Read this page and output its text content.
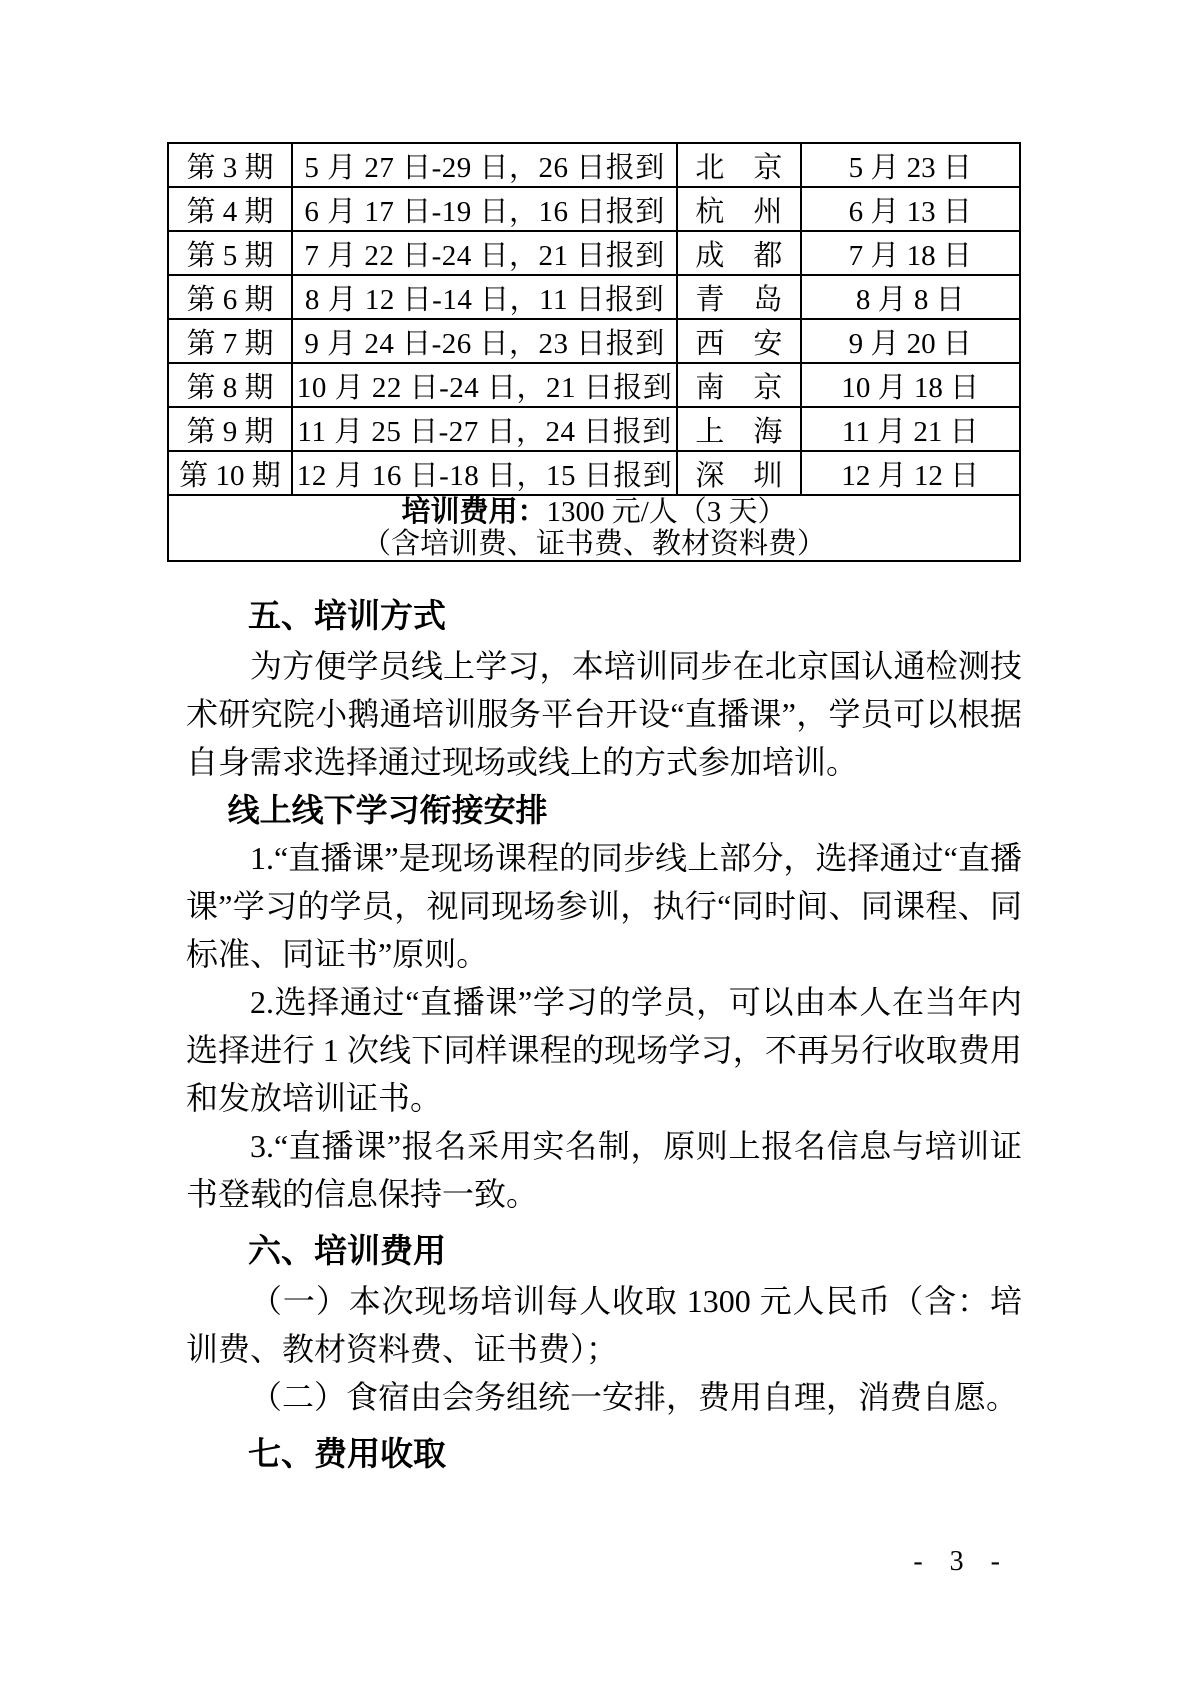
第 3 期	5 月 27 日-29 日，26 日报到	北　京	5 月 23 日
第 4 期	6 月 17 日-19 日，16 日报到	杭　州	6 月 13 日
第 5 期	7 月 22 日-24 日，21 日报到	成　都	7 月 18 日
第 6 期	8 月 12 日-14 日，11 日报到	青　岛	8 月 8 日
第 7 期	9 月 24 日-26 日，23 日报到	西　安	9 月 20 日
第 8 期	10 月 22 日-24 日，21 日报到	南　京	10 月 18 日
第 9 期	11 月 25 日-27 日，24 日报到	上　海	11 月 21 日
第 10 期	12 月 16 日-18 日，15 日报到	深　圳	12 月 12 日

培训费用：1300 元/人（3 天）
（含培训费、证书费、教材资料费）			
五、培训方式

为方便学员线上学习，本培训同步在北京国认通检测技术研究院小鹅通培训服务平台开设“直播课”，学员可以根据自身需求选择通过现场或线上的方式参加培训。

线上线下学习衔接安排

1.“直播课”是现场课程的同步线上部分，选择通过“直播课”学习的学员，视同现场参训，执行“同时间、同课程、同标准、同证书”原则。

2.选择通过“直播课”学习的学员，可以由本人在当年内选择进行 1 次线下同样课程的现场学习，不再另行收取费用和发放培训证书。

3.“直播课”报名采用实名制，原则上报名信息与培训证书登载的信息保持一致。

六、培训费用

（一）本次现场培训每人收取 1300 元人民币（含：培训费、教材资料费、证书费）；

（二）食宿由会务组统一安排，费用自理，消费自愿。

七、费用收取
- 3 -
